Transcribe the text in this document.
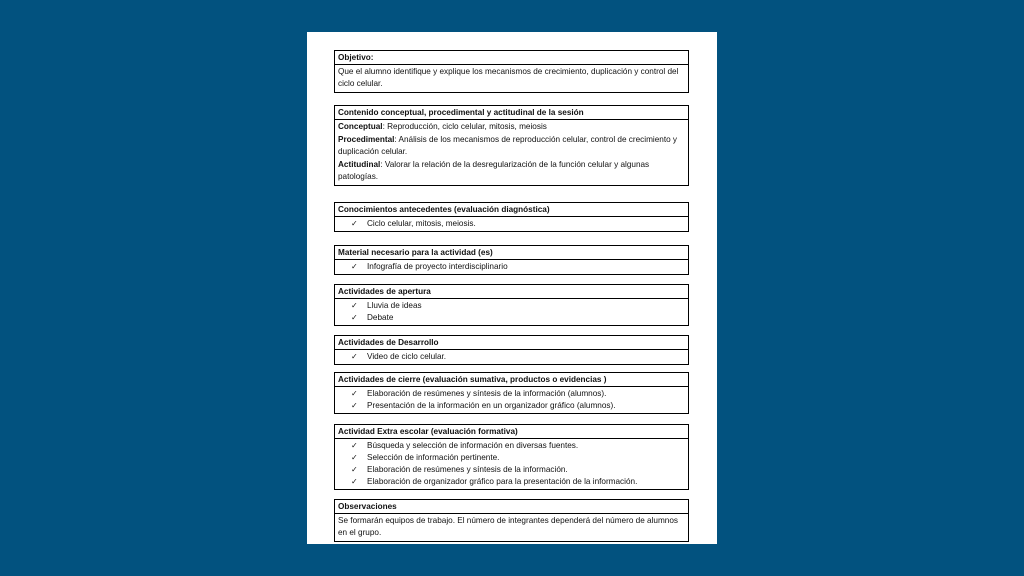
Objetivo:
Que el alumno identifique y explique los mecanismos de crecimiento, duplicación y control del ciclo celular.
Contenido conceptual, procedimental y actitudinal de la sesión
Conceptual: Reproducción, ciclo celular, mitosis, meiosis
Procedimental: Análisis de los mecanismos de reproducción celular, control de crecimiento y duplicación celular.
Actitudinal: Valorar la relación de la desregularización de la función celular y algunas patologías.
Conocimientos antecedentes (evaluación diagnóstica)
✓ Ciclo celular, mitosis, meiosis.
Material necesario para la actividad (es)
✓ Infografía de proyecto interdisciplinario
Actividades de apertura
✓ Lluvia de ideas
✓ Debate
Actividades de Desarrollo
✓ Video de ciclo celular.
Actividades de cierre (evaluación sumativa, productos o evidencias )
✓ Elaboración de resúmenes y síntesis de la información (alumnos).
✓ Presentación de la información en un organizador gráfico (alumnos).
Actividad Extra escolar (evaluación formativa)
✓ Búsqueda y selección de información en diversas fuentes.
✓ Selección de información pertinente.
✓ Elaboración de resúmenes y síntesis de la información.
✓ Elaboración de organizador gráfico para la presentación de la información.
Observaciones
Se formarán equipos de trabajo. El número de integrantes dependerá del número de alumnos en el grupo.
